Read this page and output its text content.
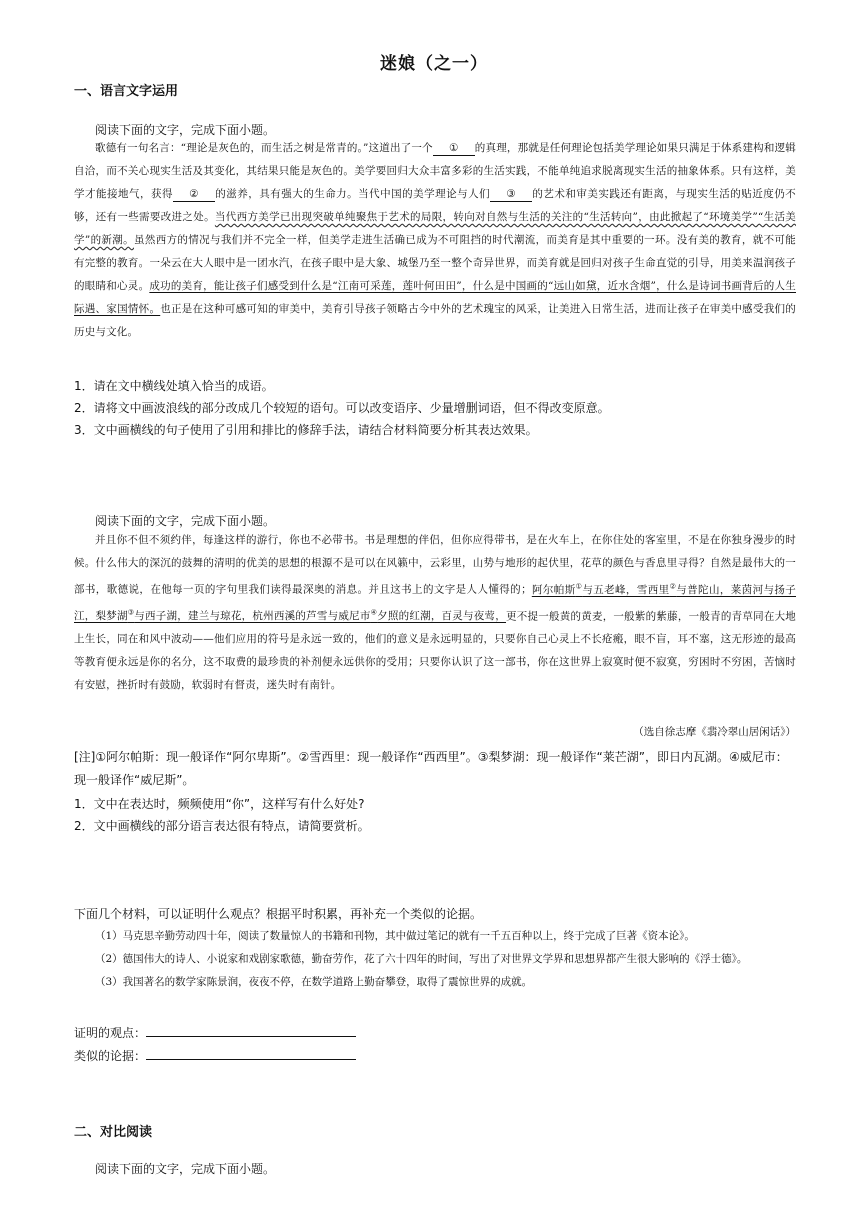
迷娘（之一）
一、语言文字运用
阅读下面的文字，完成下面小题。

歌德有一句名言：“理论是灰色的，而生活之树是常青的。”这道出了一个 ① 的真理，那就是任何理论包括美学理论如果只满足于体系建构和逻辑自洽，而不关心现实生活及其变化，其结果只能是灰色的。美学要回归大众丰富多彩的生活实践，不能单纯追求脱离现实生活的抽象体系。只有这样，美学才能接地气，获得 ② 的滋养，具有强大的生命力。当代中国的美学理论与人们 ③ 的艺术和审美实践还有距离，与现实生活的贴近度仍不够，还有一些需要改进之处。当代西方美学已出现突破单纯聚焦于艺术的局限，转向对自然与生活的关注的“生活转向”，由此掀起了“环境美学”“生活美学”的新潮。虽然西方的情况与我们并不完全一样，但美学走进生活确已成为不可阻挡的时代潮流，而美育是其中重要的一环。没有美的教育，就不可能有完整的教育。一朵云在大人眼中是一团水汽，在孩子眼中是大象、城堡乃至一整个奇异世界，而美育就是回归对孩子生命直觉的引导，用美来温润孩子的眼睛和心灵。成功的美育，能让孩子们感受到什么是“江南可采莲，莲叶何田田”，什么是中国画的“远山如黛，近水含烟”，什么是诗词书画背后的人生际遇、家国情怀。也正是在这种可感可知的审美中，美育引导孩子领略古今中外的艺术瑰宝的风采，让美进入日常生活，进而让孩子在审美中感受我们的历史与文化。

1．请在文中横线处填入恰当的成语。
2．请将文中画波浪线的部分改成几个较短的语句。可以改变语序、少量增删词语，但不得改变原意。
3．文中画横线的句子使用了引用和排比的修辞手法，请结合材料简要分析其表达效果。
阅读下面的文字，完成下面小题。

并且你不但不须约伴，每逢这样的游行，你也不必带书。书是理想的伴侣，但你应得带书，是在火车上，在你住处的客室里，不是在你独身漫步的时候。什么伟大的深沉的鼓舞的清明的优美的思想的根源不是可以在风籁中，云彩里，山势与地形的起伏里，花草的颜色与香息里寻得？自然是最伟大的一部书，歌德说，在他每一页的字句里我们读得最深奥的消息。并且这书上的文字是人人懂得的；阿尔帕斯①与五老峰，雪西里②与普陀山，莱茵河与扬子江，梨梦湖③与西子湖，建兰与琼花，杭州西溪的芦雪与威尼市④夕照的红潮，百灵与夜莺，更不提一般黄的黄麦，一般紫的紫藤，一般青的青草同在大地上生长，同在和风中波动——他们应用的符号是永远一致的，他们的意义是永远明显的，只要你自己心灵上不长疮瘢，眼不盲，耳不塞，这无形迹的最高等教育便永远是你的名分，这不取费的最珍贵的补剂便永远供你的受用；只要你认识了这一部书，你在这世界上寂寞时便不寂寞，穷困时不穷困，苦恼时有安慰，挫折时有鼓励，软弱时有督责，迷失时有南针。

（选自徐志摩《翡冷翠山居闲话》）
[注]①阿尔帕斯：现一般译作“阿尔卑斯”。②雪西里：现一般译作“西西里”。③梨梦湖：现一般译作“莱芒湖”，即日内瓦湖。④威尼市：现一般译作“威尼斯”。
1．文中在表达时，频频使用“你”，这样写有什么好处?
2．文中画横线的部分语言表达很有特点，请简要赏析。
下面几个材料，可以证明什么观点？根据平时积累，再补充一个类似的论据。

（1）马克思辛勤劳动四十年，阅读了数量惊人的书籍和刊物，其中做过笔记的就有一千五百种以上，终于完成了巨著《资本论》。

（2）德国伟大的诗人、小说家和戏剧家歌德，勤奋劳作，花了六十四年的时间，写出了对世界文学界和思想界都产生很大影响的《浮士德》。

（3）我国著名的数学家陈景润，夜夜不停，在数学道路上勤奋攀登，取得了震惊世界的成就。

证明的观点：
类似的论据：
二、对比阅读
阅读下面的文字，完成下面小题。
